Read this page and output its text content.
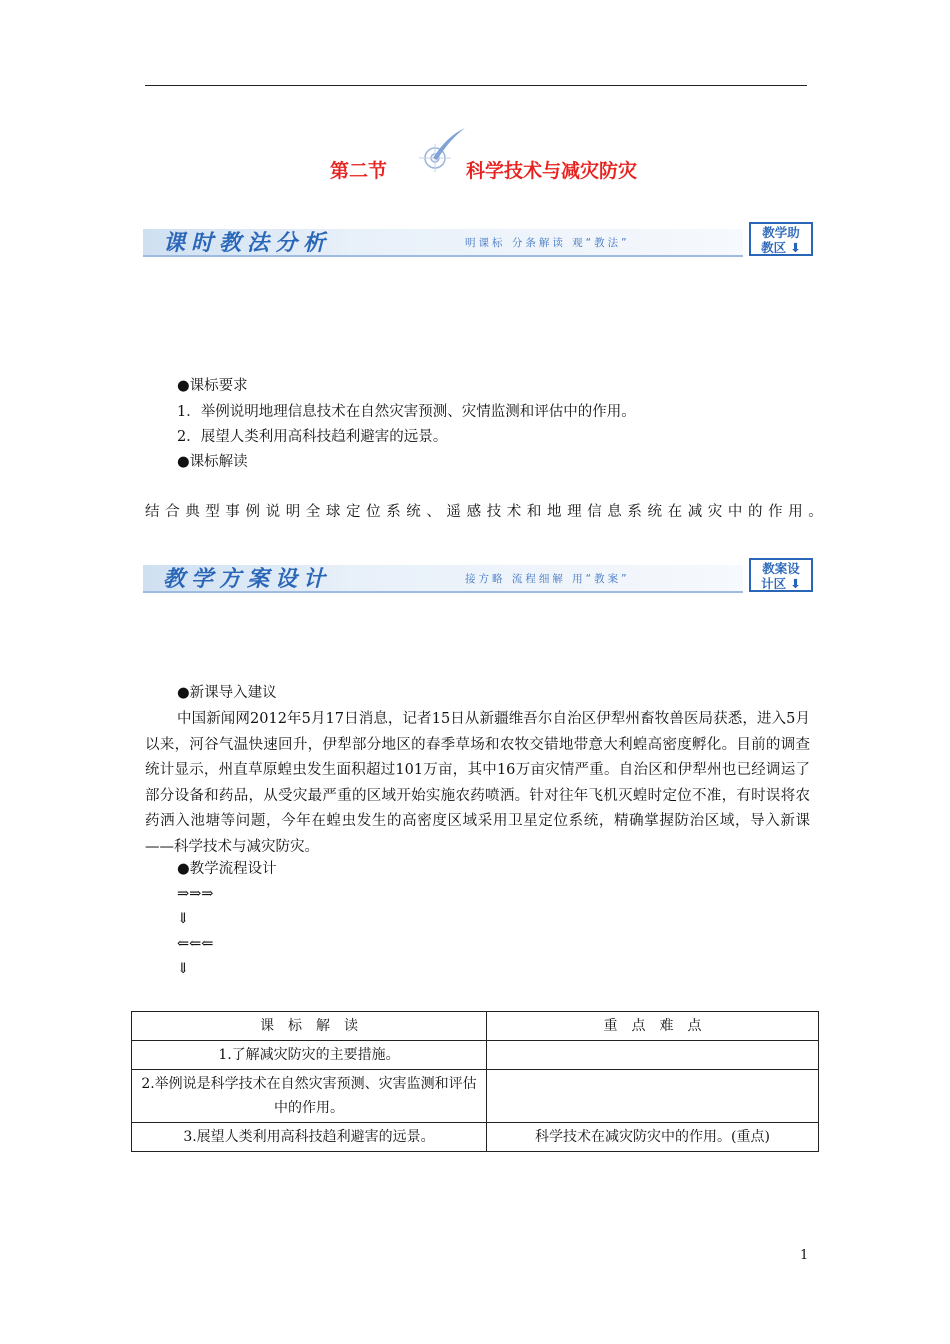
第二节	科学技术与减灾防灾
课时教法分析	明课标 分条解读 观“教法”
教学助
教区 ⬇
●课标要求
1．举例说明地理信息技术在自然灾害预测、灾情监测和评估中的作用。
2．展望人类利用高科技趋利避害的远景。
●课标解读
结合典型事例说明全球定位系统、遥感技术和地理信息系统在减灾中的作用。
教学方案设计	接方略 流程细解 用“教案”
教案设
计区 ⬇
●新课导入建议
中国新闻网2012年5月17日消息，记者15日从新疆维吾尔自治区伊犁州畜牧兽医局获悉，进入5月以来，河谷气温快速回升，伊犁部分地区的春季草场和农牧交错地带意大利蝗高密度孵化。目前的调查统计显示，州直草原蝗虫发生面积超过101万亩，其中16万亩灾情严重。自治区和伊犁州也已经调运了部分设备和药品，从受灾最严重的区域开始实施农药喷洒。针对往年飞机灭蝗时定位不准，有时误将农药洒入池塘等问题，今年在蝗虫发生的高密度区域采用卫星定位系统，精确掌握防治区域，导入新课——科学技术与减灾防灾。
●教学流程设计
⇒⇒⇒
⇓
⇐⇐⇐
⇓
课　标　解　读	重　点　难　点
1.了解减灾防灾的主要措施。	
2.举例说是科学技术在自然灾害预测、灾害监测和评估中的作用。	
3.展望人类利用高科技趋利避害的远景。	科学技术在减灾防灾中的作用。(重点)
1
